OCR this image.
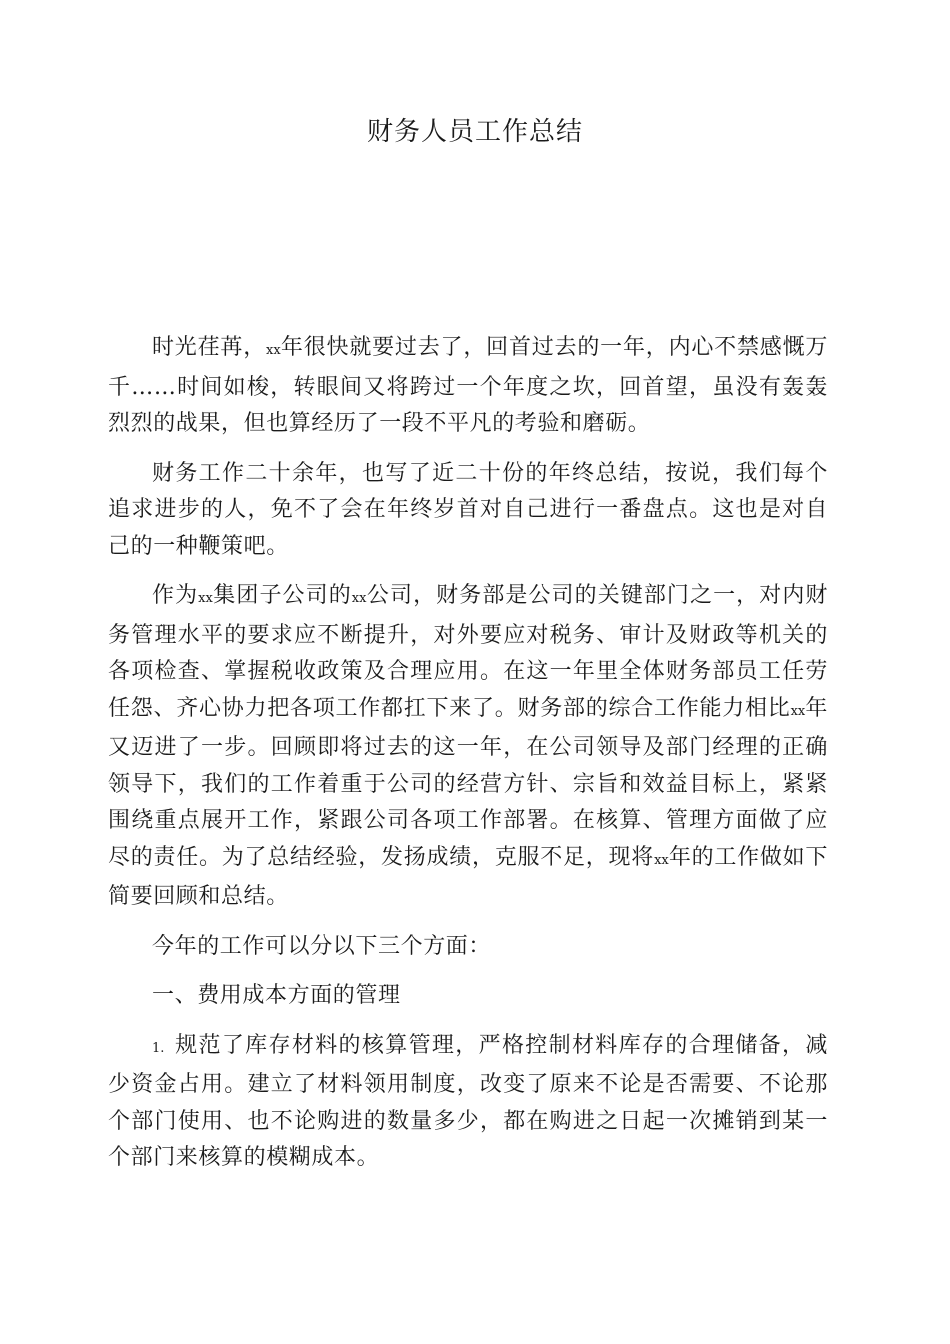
财务人员工作总结

时光荏苒，xx年很快就要过去了，回首过去的一年，内心不禁感慨万千……时间如梭，转眼间又将跨过一个年度之坎，回首望，虽没有轰轰烈烈的战果，但也算经历了一段不平凡的考验和磨砺。

财务工作二十余年，也写了近二十份的年终总结，按说，我们每个追求进步的人，免不了会在年终岁首对自己进行一番盘点。这也是对自己的一种鞭策吧。

作为xx集团子公司的xx公司，财务部是公司的关键部门之一，对内财务管理水平的要求应不断提升，对外要应对税务、审计及财政等机关的各项检查、掌握税收政策及合理应用。在这一年里全体财务部员工任劳任怨、齐心协力把各项工作都扛下来了。财务部的综合工作能力相比xx年又迈进了一步。回顾即将过去的这一年，在公司领导及部门经理的正确领导下，我们的工作着重于公司的经营方针、宗旨和效益目标上，紧紧围绕重点展开工作，紧跟公司各项工作部署。在核算、管理方面做了应尽的责任。为了总结经验，发扬成绩，克服不足，现将xx年的工作做如下简要回顾和总结。

今年的工作可以分以下三个方面：

一、费用成本方面的管理

1. 规范了库存材料的核算管理，严格控制材料库存的合理储备，减少资金占用。建立了材料领用制度，改变了原来不论是否需要、不论那个部门使用、也不论购进的数量多少，都在购进之日起一次摊销到某一个部门来核算的模糊成本。
